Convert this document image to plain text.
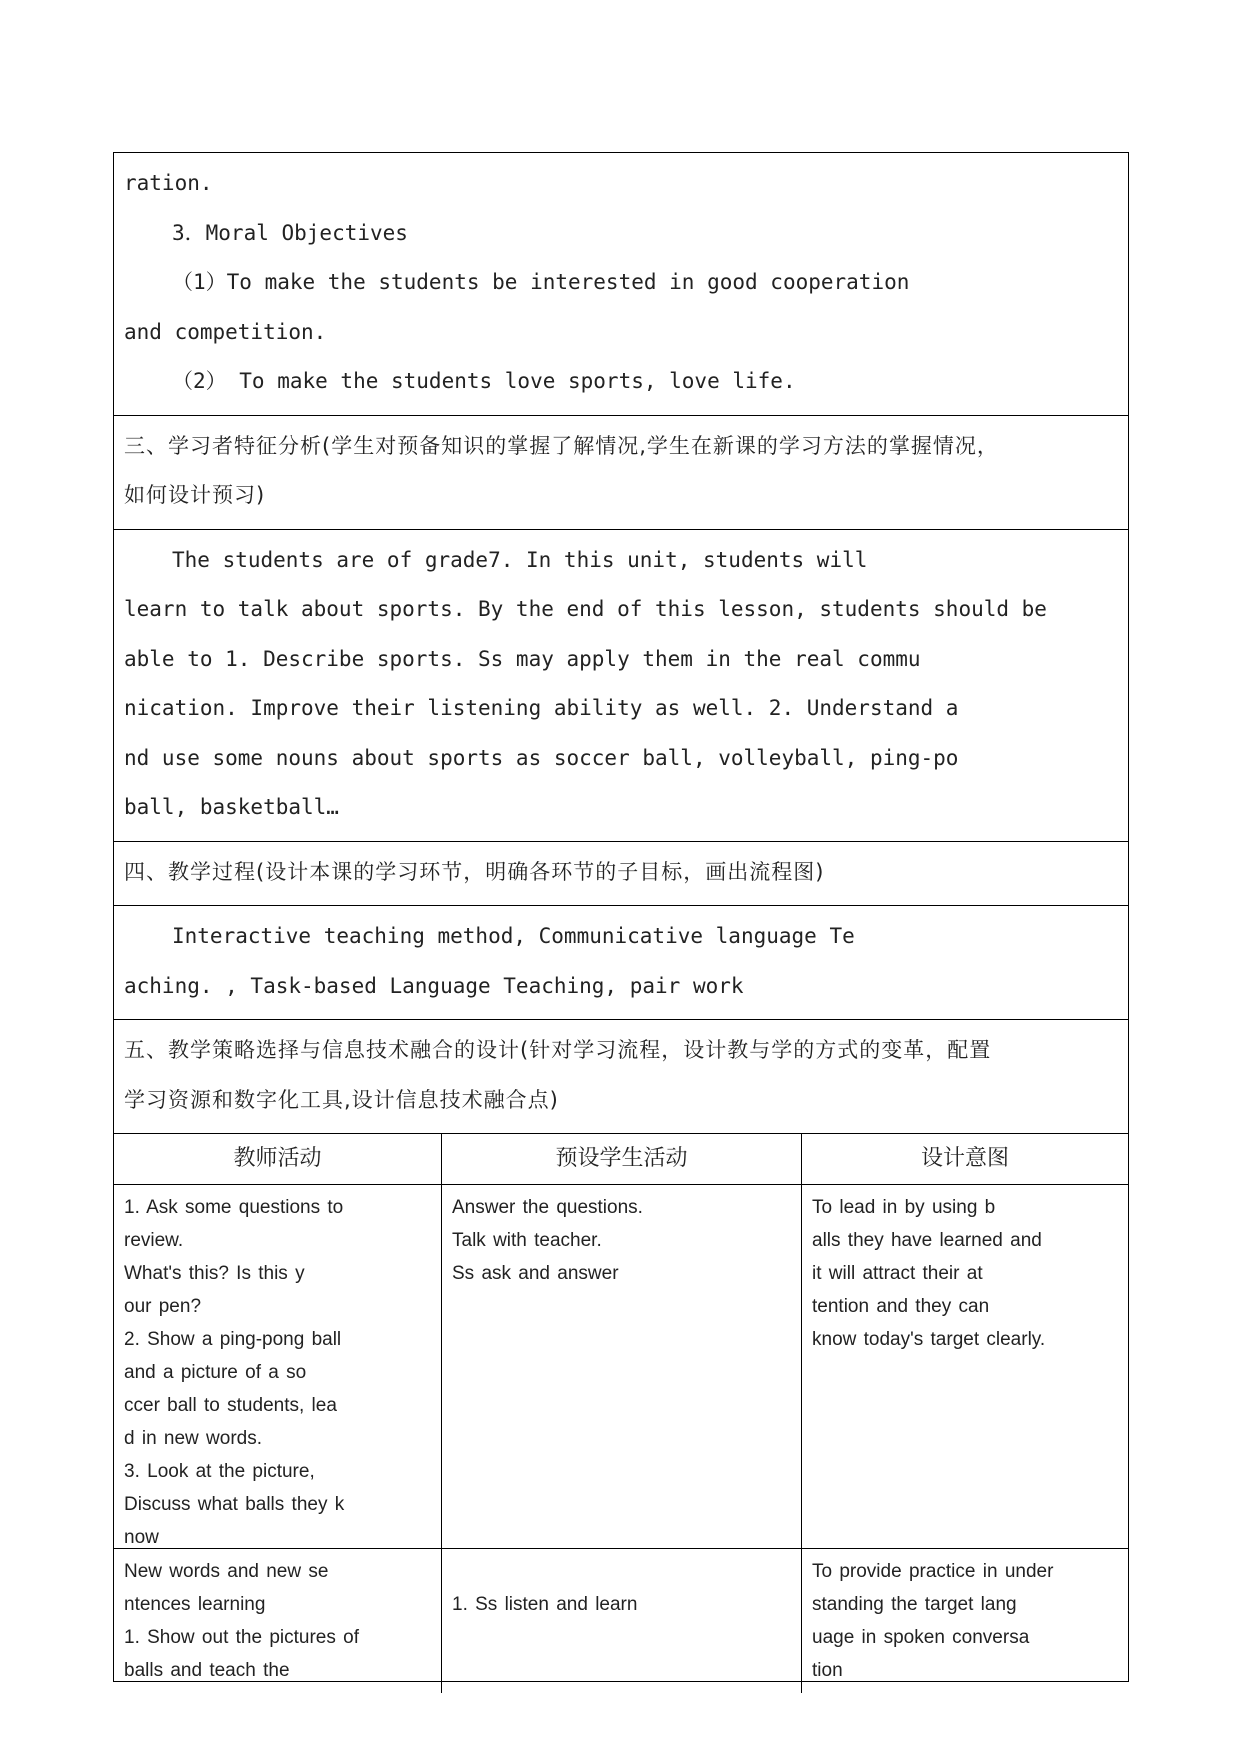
ration.
3．Moral Objectives
（1）To make the students be interested in good cooperation
and competition.
（2） To make the students love sports, love life.
三、学习者特征分析(学生对预备知识的掌握了解情况,学生在新课的学习方法的掌握情况，
如何设计预习)
The students are of grade7. In this unit, students will
learn to talk about sports. By the end of this lesson, students should be
able to 1. Describe sports. Ss may apply them in the real commu
nication. Improve their listening ability as well. 2. Understand a
nd use some nouns about sports as soccer ball, volleyball, ping-po
ball, basketball…
四、教学过程(设计本课的学习环节，明确各环节的子目标，画出流程图)
Interactive teaching method, Communicative language Te
aching. , Task-based Language Teaching, pair work
五、教学策略选择与信息技术融合的设计(针对学习流程，设计教与学的方式的变革，配置
学习资源和数字化工具,设计信息技术融合点)
教师活动	预设学生活动	设计意图
1. Ask some questions to
review.
What's this? Is this y
our pen?
2. Show a ping-pong ball
and a picture of a so
ccer ball to students, lea
d in new words.
3. Look at the picture,
Discuss what balls they k
now
Answer the questions.
Talk with teacher.
Ss ask and answer
To lead in by using b
alls they have learned and
it will attract their at
tention and they can
know today's target clearly.
New words and new se
ntences learning
1. Show out the pictures of
balls and teach the
1. Ss listen and learn
To provide practice in under
standing the target lang
uage in spoken conversa
tion
